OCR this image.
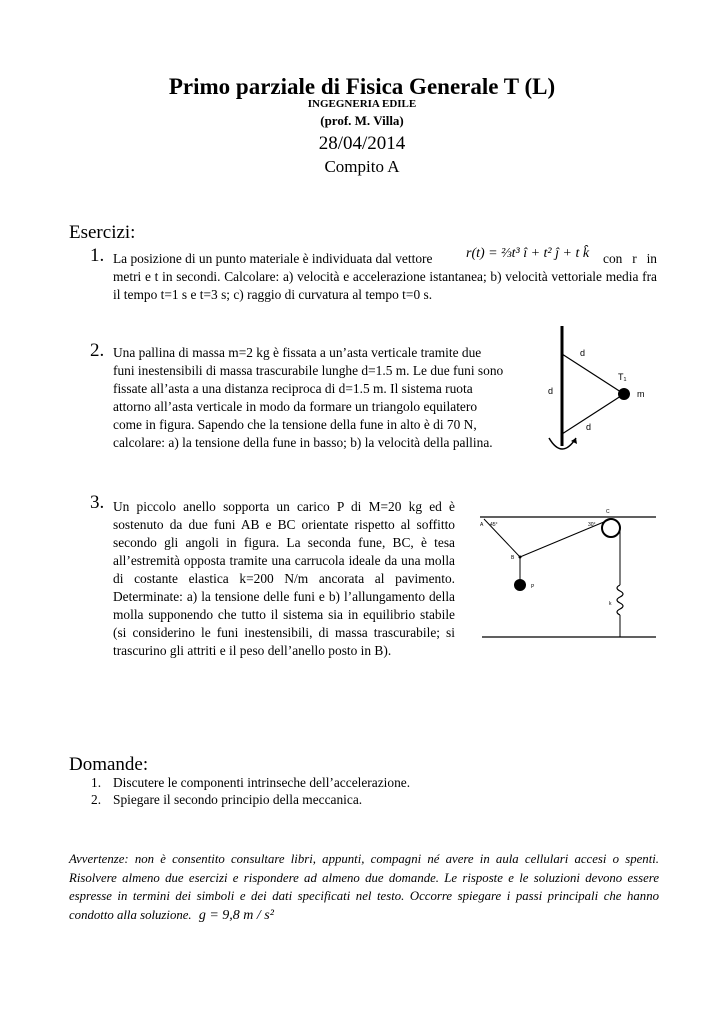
Primo parziale di Fisica Generale T (L)
INGEGNERIA EDILE
(prof. M. Villa)
28/04/2014
Compito A
Esercizi:
1. La posizione di un punto materiale è individuata dal vettore r(t) = ⅔t³ î + t² ĵ + t k̂	con r in metri e t in secondi. Calcolare: a) velocità e accelerazione istantanea; b) velocità vettoriale media fra il tempo t=1 s e t=3 s; c) raggio di curvatura al tempo t=0 s.
2. Una pallina di massa m=2 kg è fissata a un’asta verticale tramite due funi inestensibili di massa trascurabile lunghe d=1.5 m. Le due funi sono fissate all’asta a una distanza reciproca di d=1.5 m. Il sistema ruota attorno all’asta verticale in modo da formare un triangolo equilatero come in figura. Sapendo che la tensione della fune in alto è di 70 N, calcolare: a) la tensione della fune in basso; b) la velocità della pallina.
d
d
d
T₁
m
3. Un piccolo anello sopporta un carico P di M=20 kg ed è sostenuto da due funi AB e BC orientate rispetto al soffitto secondo gli angoli in figura. La seconda fune, BC, è tesa all’estremità opposta tramite una carrucola ideale da una molla di costante elastica k=200 N/m ancorata al pavimento. Determinate: a) la tensione delle funi e b) l’allungamento della molla supponendo che tutto il sistema sia in equilibrio stabile (si considerino le funi inestensibili, di massa trascurabile; si trascurino gli attriti e il peso dell’anello posto in B).
A 45°	30°
C
B
P
k
Domande:
1. Discutere le componenti intrinseche dell’accelerazione.
2. Spiegare il secondo principio della meccanica.
Avvertenze: non è consentito consultare libri, appunti, compagni né avere in aula cellulari accesi o spenti. Risolvere almeno due esercizi e rispondere ad almeno due domande. Le risposte e le soluzioni devono essere espresse in termini dei simboli e dei dati specificati nel testo. Occorre spiegare i passi principali che hanno condotto alla soluzione. g = 9,8 m / s²
